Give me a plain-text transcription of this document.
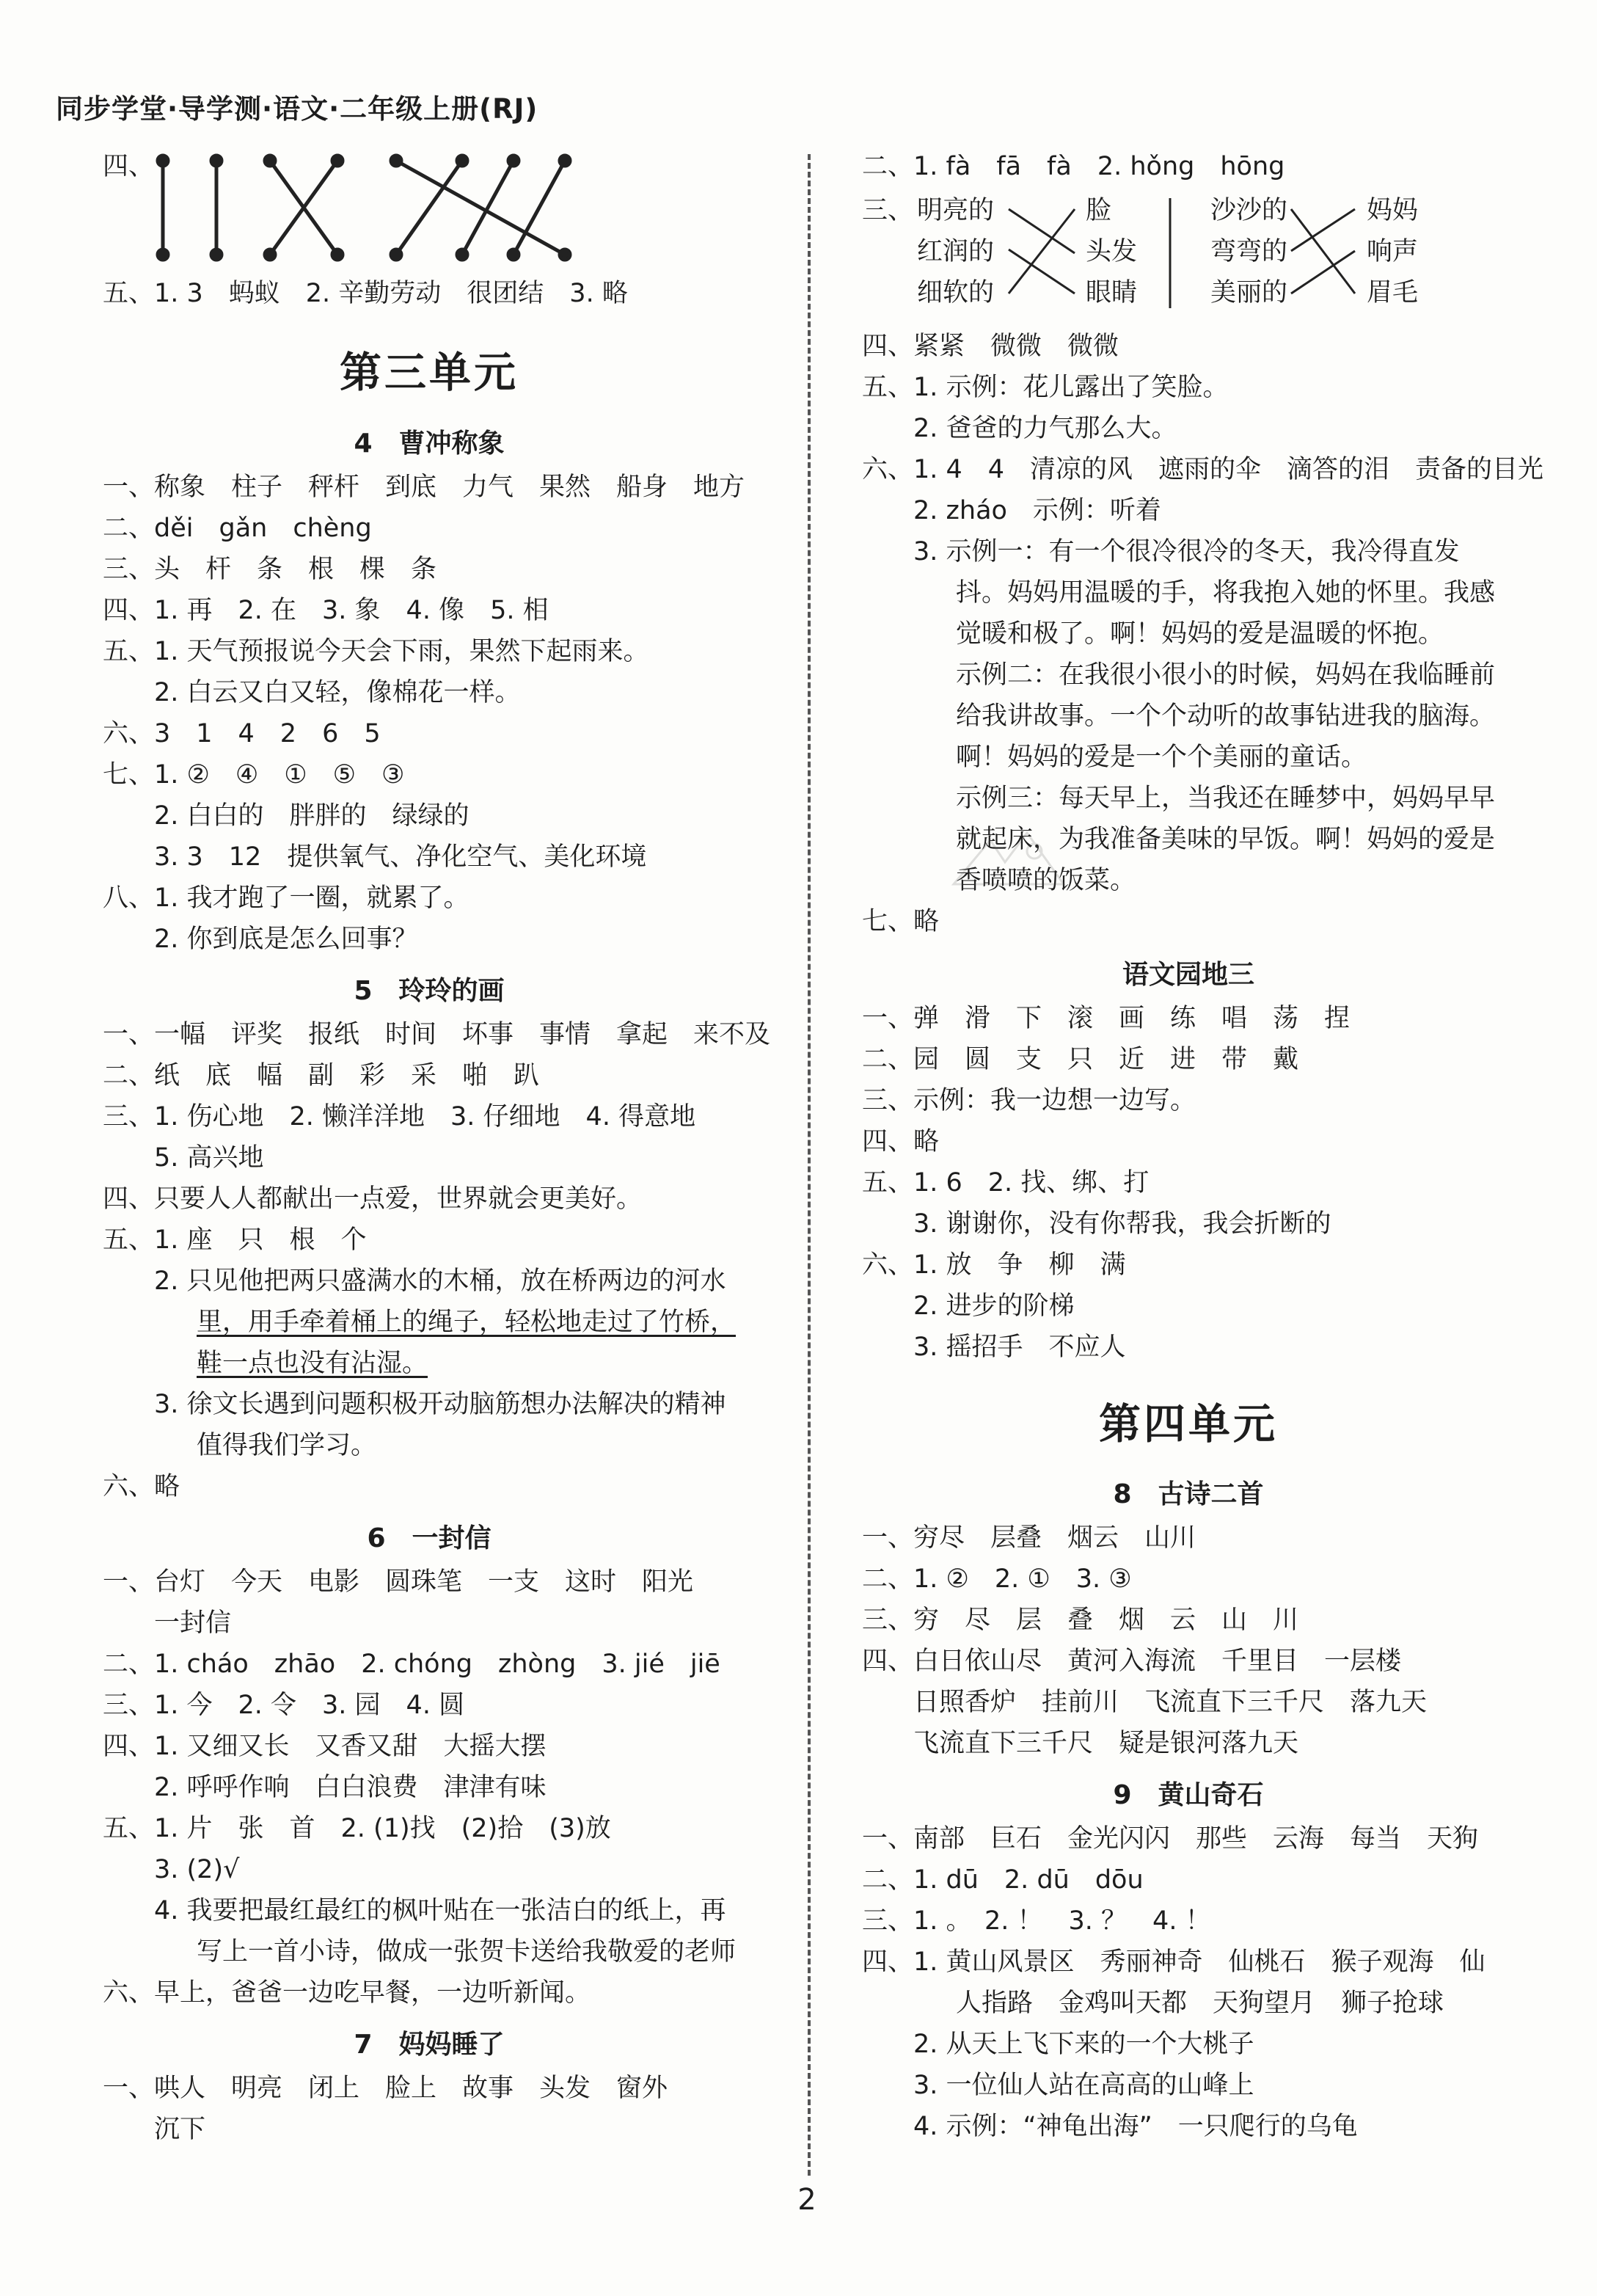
同步学堂·导学测·语文·二年级上册(RJ)
四、
五、 1. 3　蚂蚁　2. 辛勤劳动　很团结　3. 略
第三单元
4　曹冲称象
一、称象　柱子　秤杆　到底　力气　果然　船身　地方
二、děi　gǎn　chèng
三、头　杆　条　根　棵　条
四、1. 再　2. 在　3. 象　4. 像　5. 相
五、1. 天气预报说今天会下雨，果然下起雨来。
2. 白云又白又轻，像棉花一样。
六、3　1　4　2　6　5
七、1. ②　④　①　⑤　③
2. 白白的　胖胖的　绿绿的
3. 3　12　提供氧气、净化空气、美化环境
八、1. 我才跑了一圈，就累了。
2. 你到底是怎么回事？
5　玲玲的画
一、一幅　评奖　报纸　时间　坏事　事情　拿起　来不及
二、纸　底　幅　副　彩　采　啪　趴
三、1. 伤心地　2. 懒洋洋地　3. 仔细地　4. 得意地
5. 高兴地
四、只要人人都献出一点爱，世界就会更美好。
五、1. 座　只　根　个
2. 只见他把两只盛满水的木桶，放在桥两边的河水
里，用手牵着桶上的绳子，轻松地走过了竹桥，
鞋一点也没有沾湿。
3. 徐文长遇到问题积极开动脑筋想办法解决的精神
值得我们学习。
六、略
6　一封信
一、台灯　今天　电影　圆珠笔　一支　这时　阳光
一封信
二、1. cháo　zhāo　2. chóng　zhòng　3. jié　jiē
三、1. 今　2. 令　3. 园　4. 圆
四、1. 又细又长　又香又甜　大摇大摆
2. 呼呼作响　白白浪费　津津有味
五、1. 片　张　首　2. (1)找　(2)拾　(3)放
3. (2)√
4. 我要把最红最红的枫叶贴在一张洁白的纸上，再
写上一首小诗，做成一张贺卡送给我敬爱的老师
六、早上，爸爸一边吃早餐，一边听新闻。
7　妈妈睡了
一、哄人　明亮　闭上　脸上　故事　头发　窗外
沉下
二、1. fà　fā　fà　2. hǒng　hōng
三、 明亮的
红润的
细软的
脸
头发
眼睛
沙沙的
弯弯的
美丽的
妈妈
响声
眉毛
四、紧紧　微微　微微
五、1. 示例：花儿露出了笑脸。
2. 爸爸的力气那么大。
六、1. 4　4　清凉的风　遮雨的伞　滴答的泪　责备的目光
2. zháo　示例：听着
3. 示例一：有一个很冷很冷的冬天，我冷得直发
抖。妈妈用温暖的手，将我抱入她的怀里。我感
觉暖和极了。啊！妈妈的爱是温暖的怀抱。
示例二：在我很小很小的时候，妈妈在我临睡前
给我讲故事。一个个动听的故事钻进我的脑海。
啊！妈妈的爱是一个个美丽的童话。
示例三：每天早上，当我还在睡梦中，妈妈早早
就起床，为我准备美味的早饭。啊！妈妈的爱是
香喷喷的饭菜。
七、略
语文园地三
一、弹　滑　下　滚　画　练　唱　荡　捏
二、园　圆　支　只　近　进　带　戴
三、示例：我一边想一边写。
四、略
五、1. 6　2. 找、绑、打
3. 谢谢你，没有你帮我，我会折断的
六、1. 放　争　柳　满
2. 进步的阶梯
3. 摇招手　不应人
第四单元
8　古诗二首
一、穷尽　层叠　烟云　山川
二、1. ②　2. ①　3. ③
三、穷　尽　层　叠　烟　云　山　川
四、白日依山尽　黄河入海流　千里目　一层楼
日照香炉　挂前川　飞流直下三千尺　落九天
飞流直下三千尺　疑是银河落九天
9　黄山奇石
一、南部　巨石　金光闪闪　那些　云海　每当　天狗
二、1. dū　2. dū　dōu
三、1. 。　2. ！　3. ？　4. ！
四、1. 黄山风景区　秀丽神奇　仙桃石　猴子观海　仙
人指路　金鸡叫天都　天狗望月　狮子抢球
2. 从天上飞下来的一个大桃子
3. 一位仙人站在高高的山峰上
4. 示例：“神龟出海”　一只爬行的乌龟
2
